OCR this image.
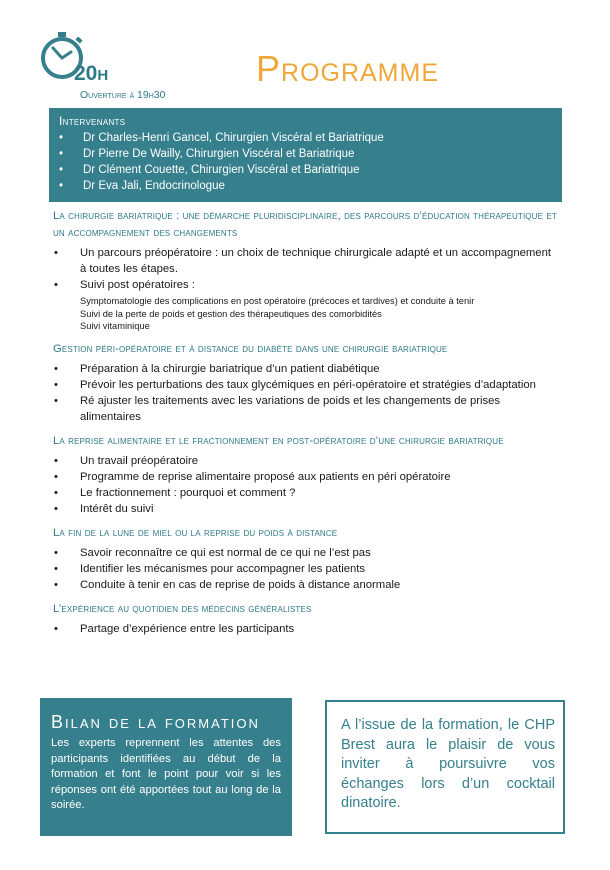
20H
Ouverture à 19h30
Programme
Intervenants
• Dr Charles-Henri Gancel, Chirurgien Viscéral et Bariatrique
• Dr Pierre De Wailly, Chirurgien Viscéral et Bariatrique
• Dr Clément Couette, Chirurgien Viscéral et Bariatrique
• Dr Eva Jali, Endocrinologue
La chirurgie bariatrique : une démarche pluridisciplinaire, des parcours d’éducation thérapeutique et un accompagnement des changements
• Un parcours préopératoire : un choix de technique chirurgicale adapté et un accompagnement à toutes les étapes.
• Suivi post opératoires :
Symptomatologie des complications en post opératoire (précoces et tardives) et conduite à tenir
Suivi de la perte de poids et gestion des thérapeutiques des comorbidités
Suivi vitaminique
Gestion péri-opératoire et à distance du diabète dans une chirurgie bariatrique
• Préparation à la chirurgie bariatrique d’un patient diabétique
• Prévoir les perturbations des taux glycémiques en péri-opératoire et stratégies d’adaptation
• Ré ajuster les traitements avec les variations de poids et les changements de prises alimentaires
La reprise alimentaire et le fractionnement en post-opératoire d’une chirurgie bariatrique
• Un travail préopératoire
• Programme de reprise alimentaire proposé aux patients en péri opératoire
• Le fractionnement : pourquoi et comment ?
• Intérêt du suivi
La fin de la lune de miel ou la reprise du poids à distance
• Savoir reconnaître ce qui est normal de ce qui ne l’est pas
• Identifier les mécanismes pour accompagner les patients
• Conduite à tenir en cas de reprise de poids à distance anormale
L’expérience au quotidien des médecins généralistes
• Partage d’expérience entre les participants
Bilan de la formation

Les experts reprennent les attentes des participants identifiées au début de la formation et font le point pour voir si les réponses ont été apportées tout au long de la soirée.

A l’issue de la formation, le CHP Brest aura le plaisir de vous inviter à poursuivre vos échanges lors d’un cocktail dinatoire.
